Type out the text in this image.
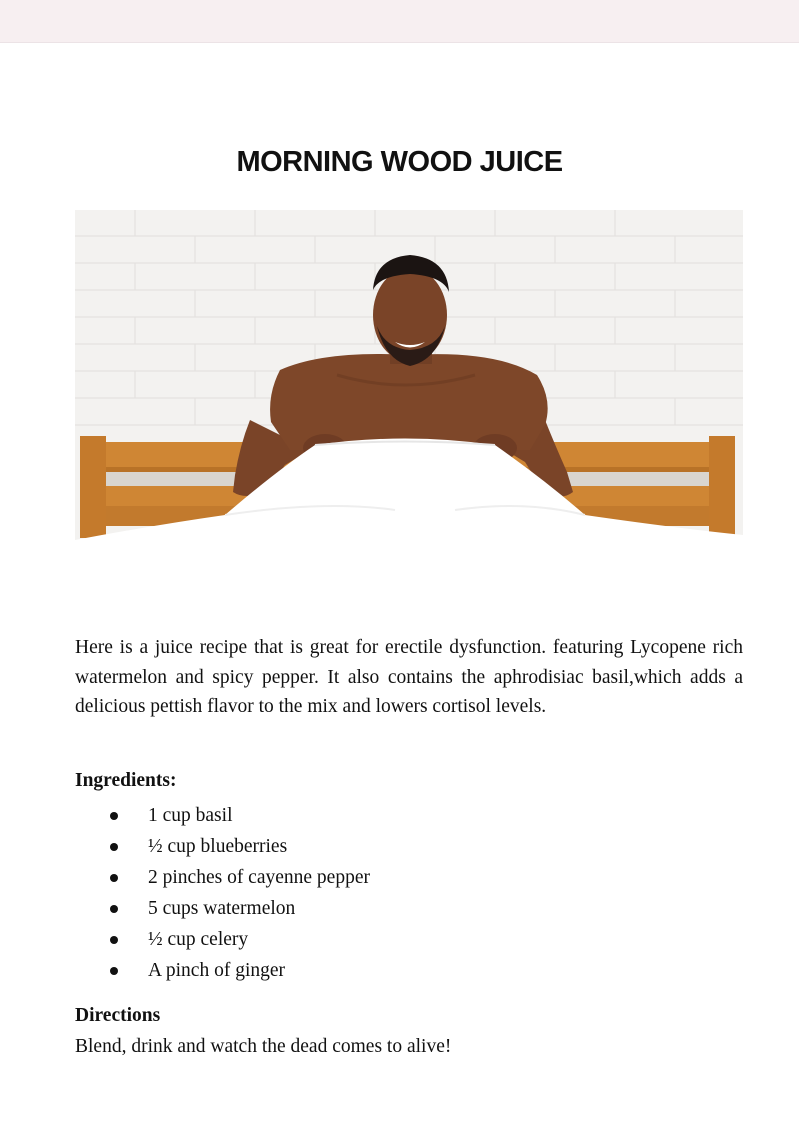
MORNING WOOD JUICE

Here is a juice recipe that is great for erectile dysfunction. featuring Lycopene rich watermelon and spicy pepper. It also contains the aphrodisiac basil,which adds a delicious pettish flavor to the mix and lowers cortisol levels.

Ingredients:
1 cup basil
½ cup blueberries
2 pinches of cayenne pepper
5 cups watermelon
½ cup celery
A pinch of ginger
Directions

Blend, drink and watch the dead comes to alive!
